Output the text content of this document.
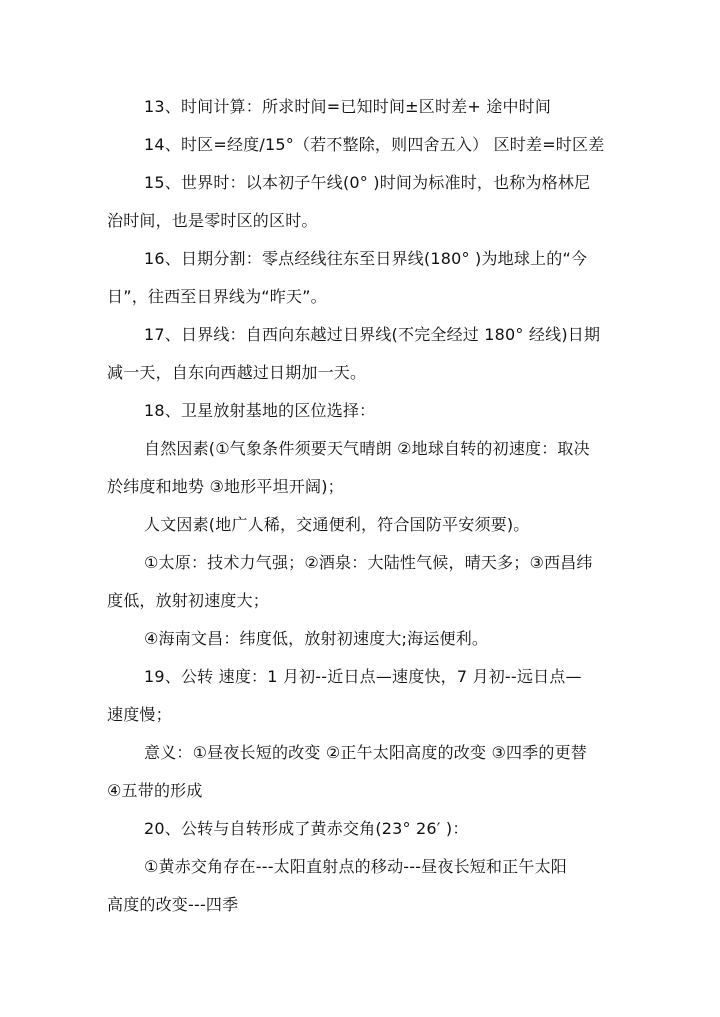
13、时间计算：所求时间=已知时间±区时差+ 途中时间
14、时区=经度/15°（若不整除，则四舍五入） 区时差=时区差
15、世界时：以本初子午线(0° )时间为标准时，也称为格林尼
治时间，也是零时区的区时。
16、日期分割：零点经线往东至日界线(180° )为地球上的“今
日”，往西至日界线为“昨天”。
17、日界线：自西向东越过日界线(不完全经过 180° 经线)日期
减一天，自东向西越过日期加一天。
18、卫星放射基地的区位选择：
自然因素(①气象条件须要天气晴朗 ②地球自转的初速度：取决
於纬度和地势 ③地形平坦开阔)；
人文因素(地广人稀，交通便利，符合国防平安须要)。
①太原：技术力气强；②酒泉：大陆性气候，晴天多；③西昌纬
度低，放射初速度大；
④海南文昌：纬度低，放射初速度大;海运便利。
19、公转 速度：1 月初--近日点—速度快，7 月初--远日点—
速度慢；
意义：①昼夜长短的改变 ②正午太阳高度的改变 ③四季的更替
④五带的形成
20、公转与自转形成了黄赤交角(23° 26′ )：
①黄赤交角存在---太阳直射点的移动---昼夜长短和正午太阳
高度的改变---四季
